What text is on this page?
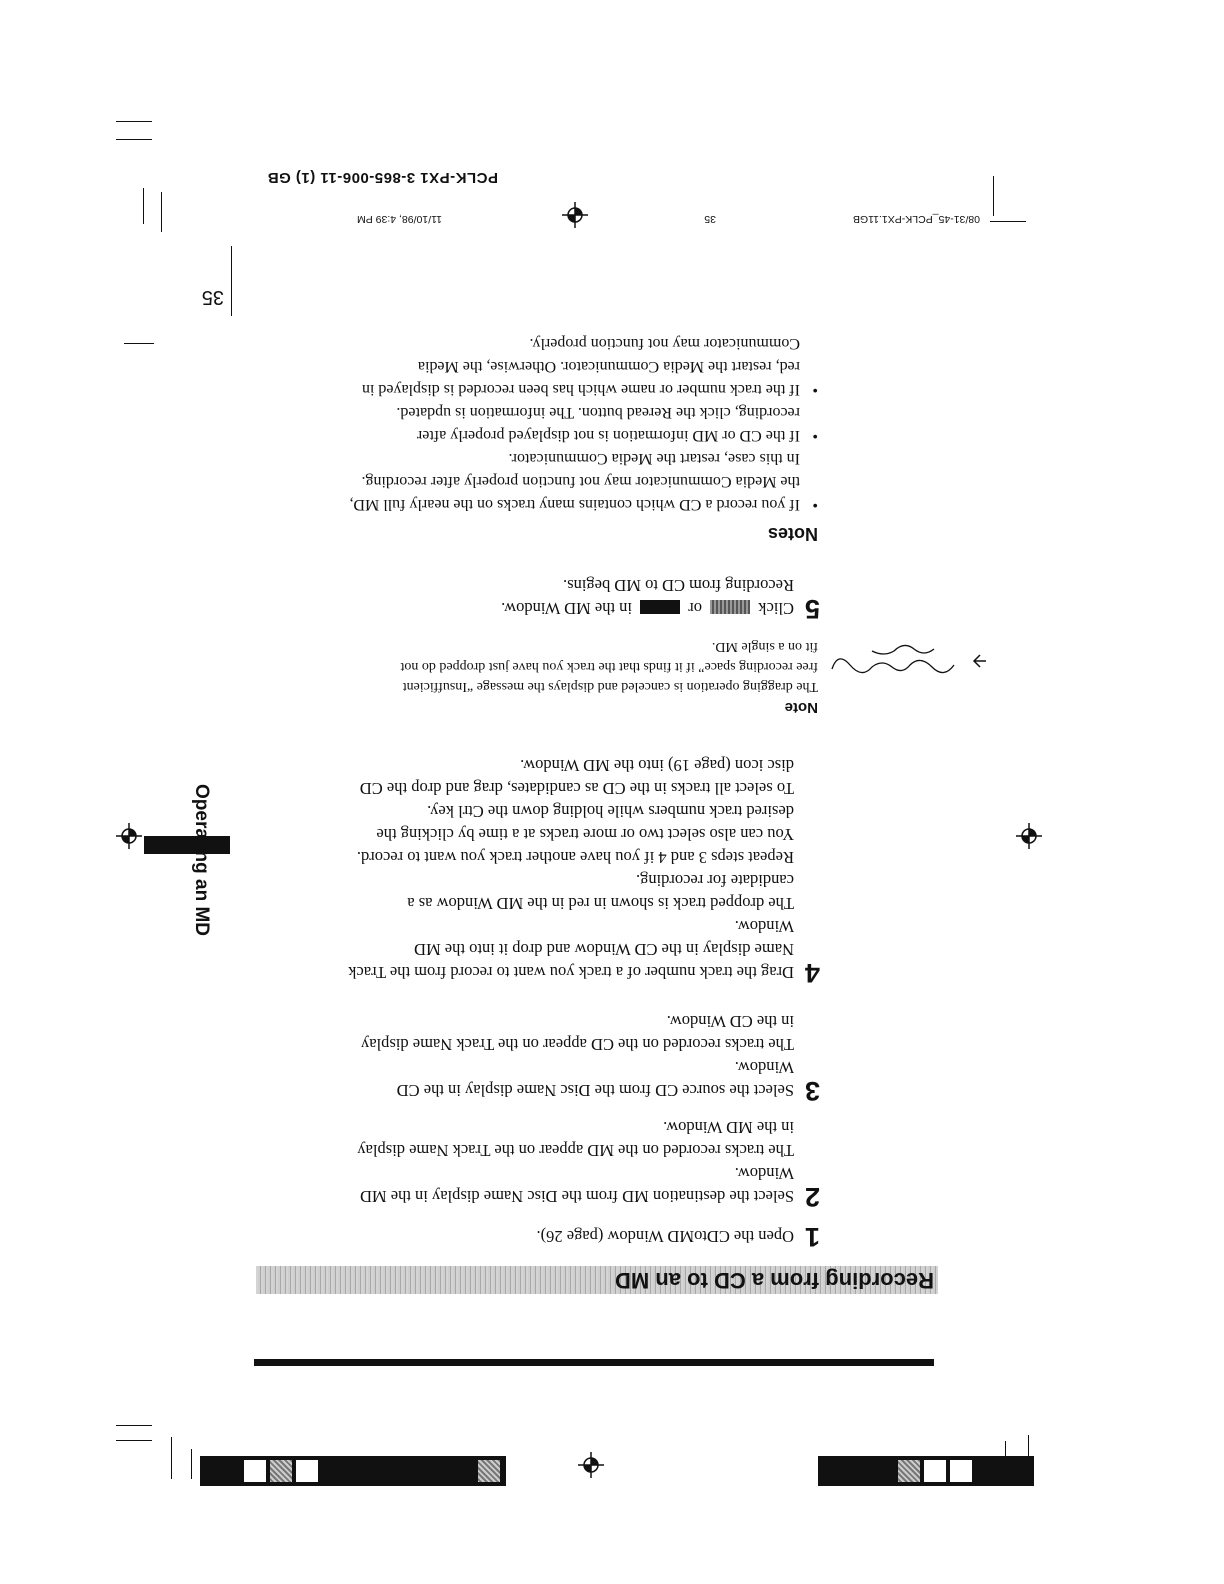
Recording from a CD to an MD
1

Open the CDtoMD Window (page 26).

2

Select the destination MD from the Disc Name display in the MD

Window.

The tracks recorded on the MD appear on the Track Name display

in the MD Window.

3

Select the source CD from the Disc Name display in the CD

Window.

The tracks recorded on the CD appear on the Track Name display

in the CD Window.

4

Drag the track number of a track you want to record from the Track

Name display in the CD Window and drop it into the MD

Window.

The dropped track is shown in red in the MD Window as a

candidate for recording.

Repeat steps 3 and 4 if you have another track you want to record.

You can also select two or more tracks at a time by clicking the

desired track numbers while holding down the Ctrl key.

To select all tracks in the CD as candidates, drag and drop the CD

disc icon (page 19) into the MD Window.

Note
The dragging operation is canceled and displays the message “Insufficient
free recording space” if it finds that the track you have just dropped do not
fit on a single MD.
5

Click  or  in the MD Window.

Recording from CD to MD begins.

Notes
• If you record a CD which contains many tracks on the nearly full MD,
the Media Communicator may not function properly after recording.
In this case, restart the Media Communicator.
• If the CD or MD information is not displayed properly after
recording, click the Reread button. The information is updated.
• If the track number or name which has been recorded is displayed in
red, restart the Media Communicator. Otherwise, the Media
Communicator may not function properly.
Operating an MD
35
08/31-45_PCLK-PX1.11GB
35
11/10/98, 4:39 PM
PCLK-PX1 3-865-006-11 (1) GB
